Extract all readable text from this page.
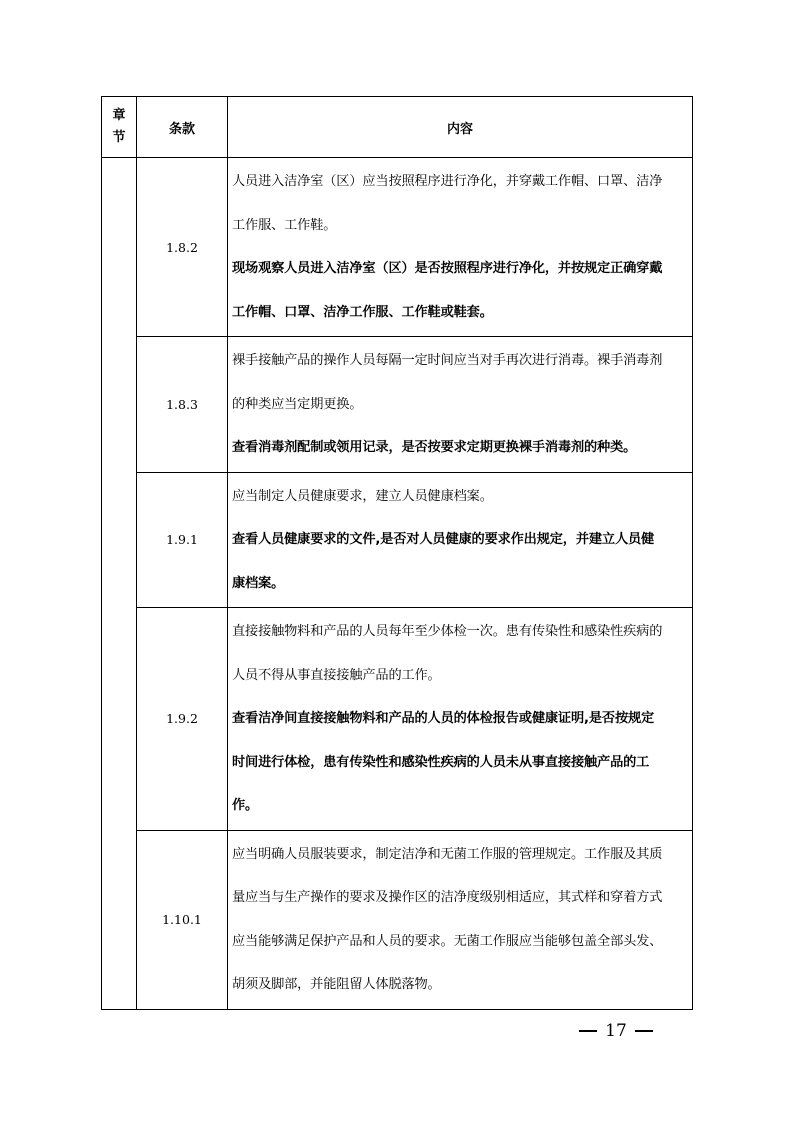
章
节	条款	内容
	1.8.2	人员进入洁净室（区）应当按照程序进行净化，并穿戴工作帽、口罩、洁净

工作服、工作鞋。

现场观察人员进入洁净室（区）是否按照程序进行净化，并按规定正确穿戴

工作帽、口罩、洁净工作服、工作鞋或鞋套。

	1.8.3	裸手接触产品的操作人员每隔一定时间应当对手再次进行消毒。裸手消毒剂

的种类应当定期更换。

查看消毒剂配制或领用记录，是否按要求定期更换裸手消毒剂的种类。

	1.9.1	应当制定人员健康要求，建立人员健康档案。

查看人员健康要求的文件,是否对人员健康的要求作出规定，并建立人员健

康档案。

	1.9.2	直接接触物料和产品的人员每年至少体检一次。患有传染性和感染性疾病的

人员不得从事直接接触产品的工作。

查看洁净间直接接触物料和产品的人员的体检报告或健康证明,是否按规定

时间进行体检，患有传染性和感染性疾病的人员未从事直接接触产品的工

作。

	1.10.1	应当明确人员服装要求，制定洁净和无菌工作服的管理规定。工作服及其质

量应当与生产操作的要求及操作区的洁净度级别相适应，其式样和穿着方式

应当能够满足保护产品和人员的要求。无菌工作服应当能够包盖全部头发、

胡须及脚部，并能阻留人体脱落物。

17
